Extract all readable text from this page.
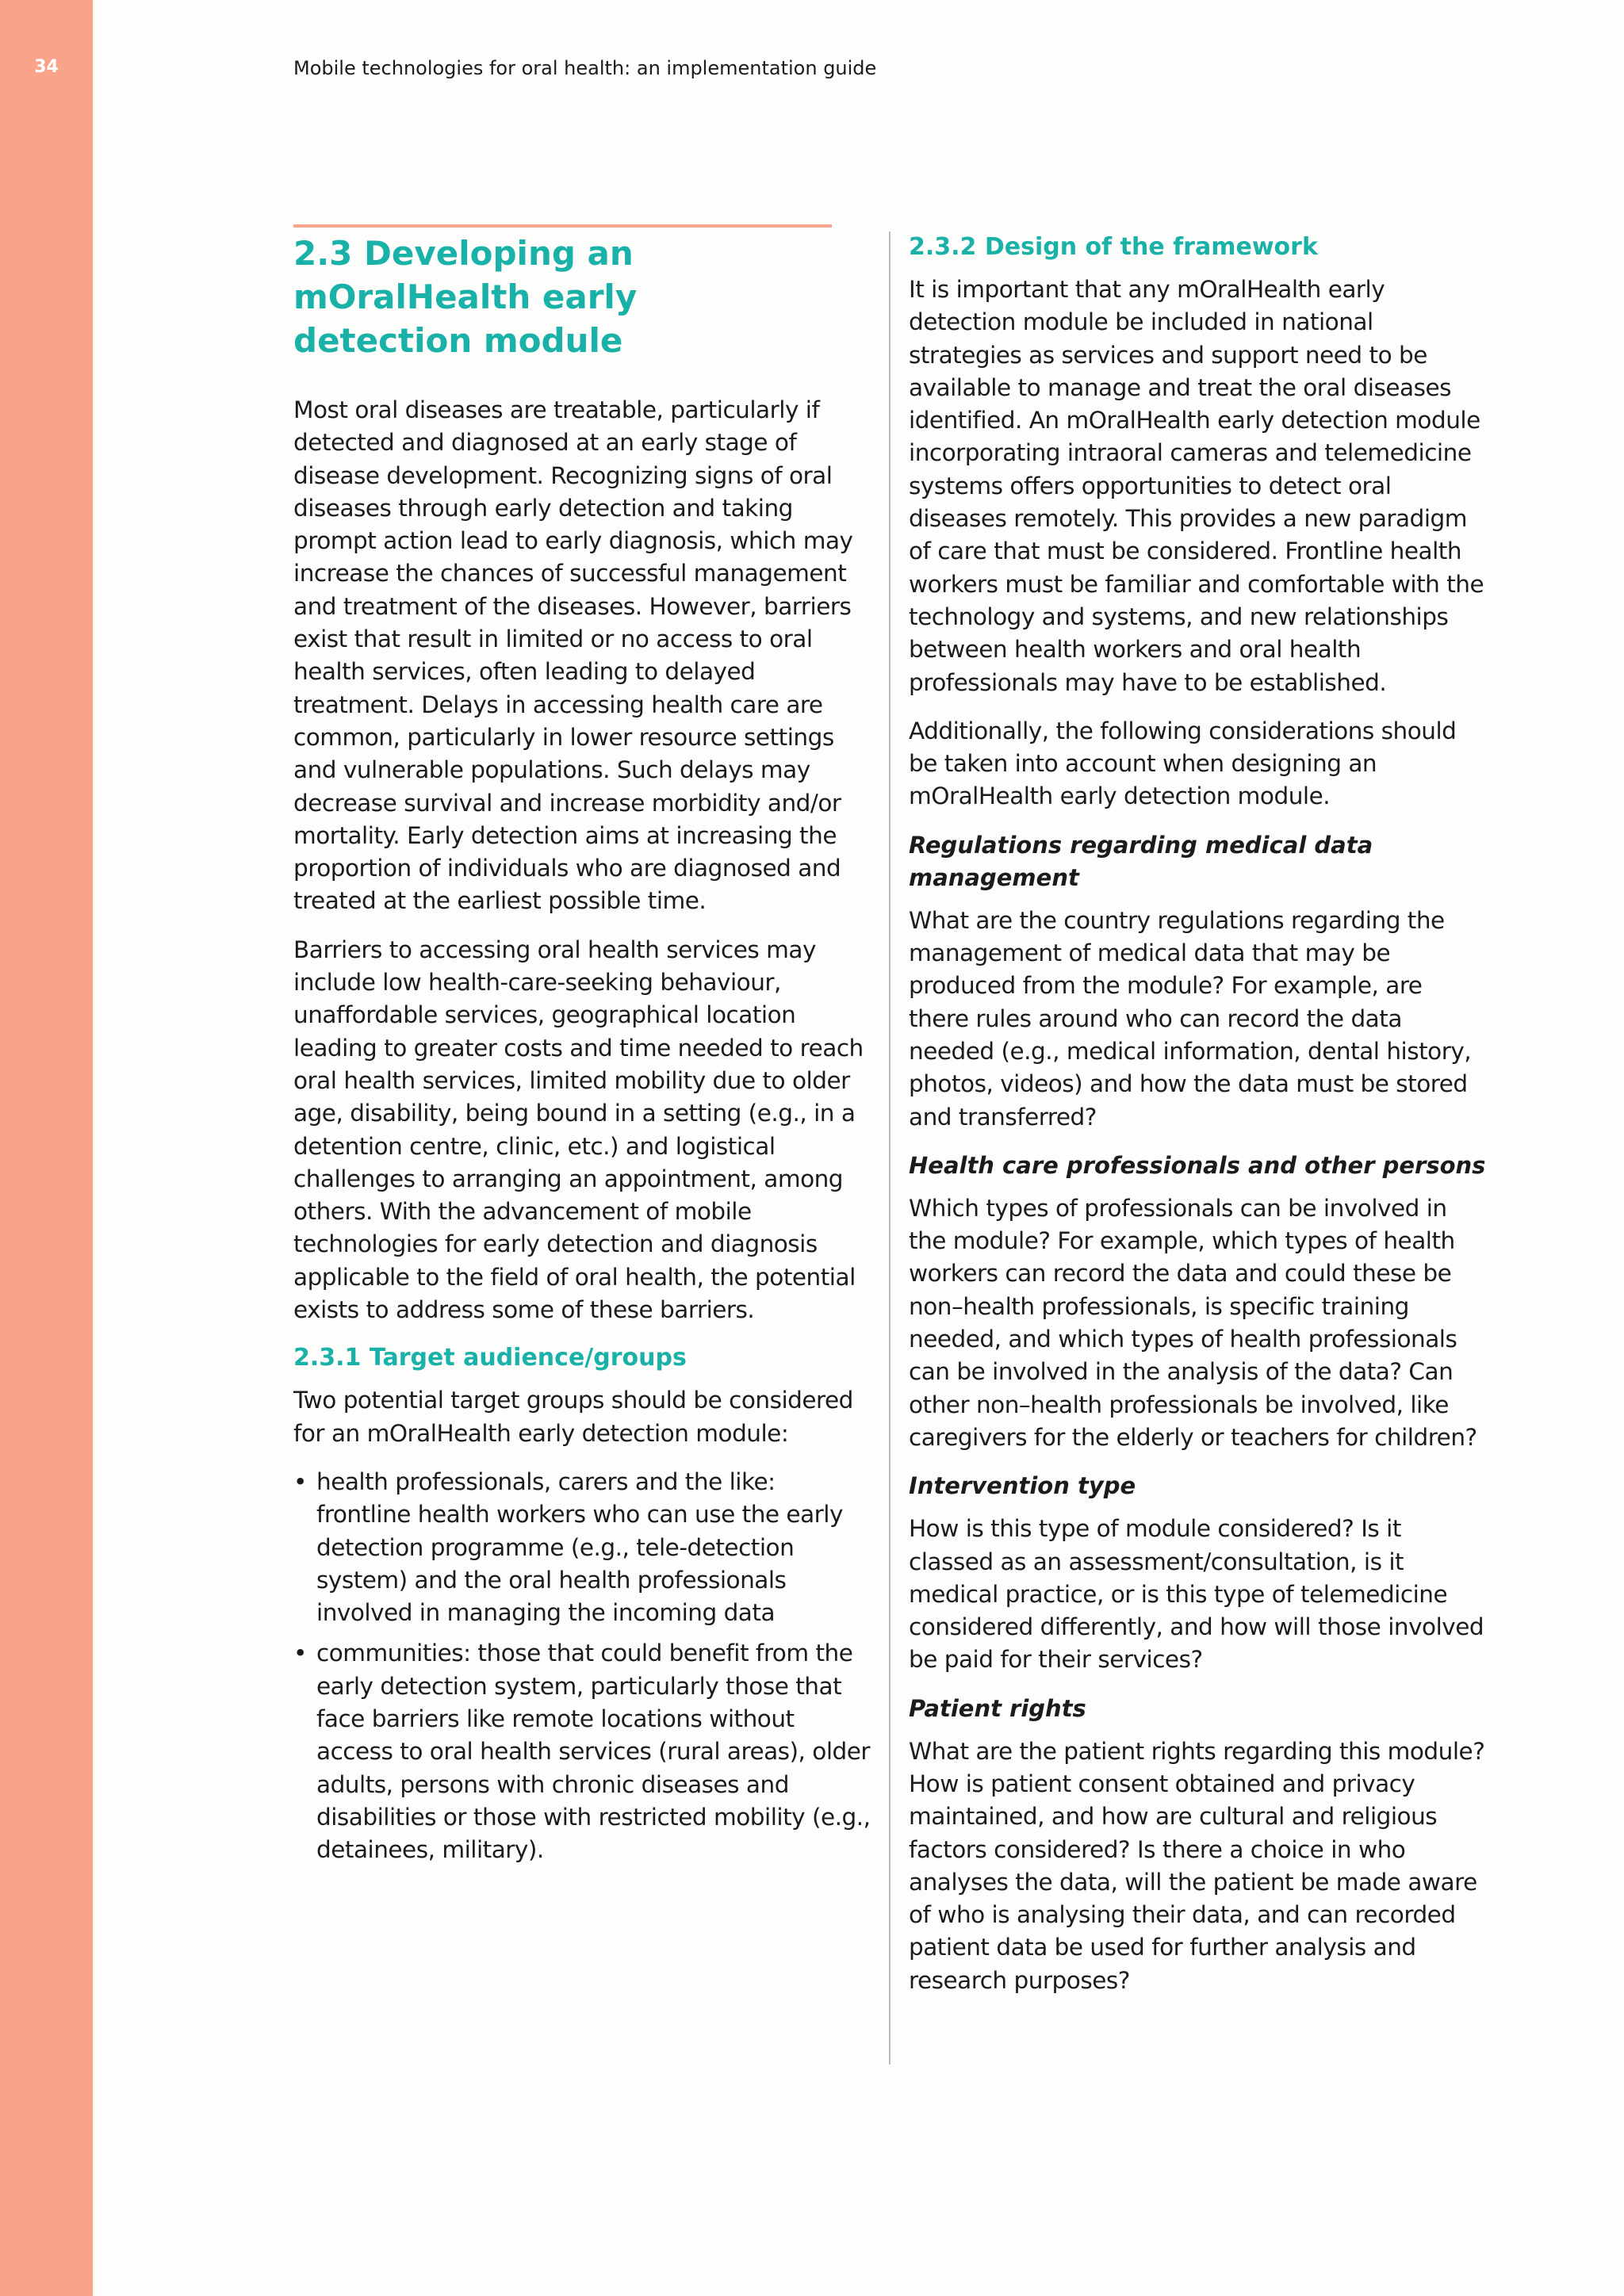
34	Mobile technologies for oral health: an implementation guide
2.3 Developing an mOralHealth early detection module

Most oral diseases are treatable, particularly if detected and diagnosed at an early stage of disease development. Recognizing signs of oral diseases through early detection and taking prompt action lead to early diagnosis, which may increase the chances of successful management and treatment of the diseases. However, barriers exist that result in limited or no access to oral health services, often leading to delayed treatment. Delays in accessing health care are common, particularly in lower resource settings and vulnerable populations. Such delays may decrease survival and increase morbidity and/or mortality. Early detection aims at increasing the proportion of individuals who are diagnosed and treated at the earliest possible time.

Barriers to accessing oral health services may include low health-care-seeking behaviour, unaffordable services, geographical location leading to greater costs and time needed to reach oral health services, limited mobility due to older age, disability, being bound in a setting (e.g., in a detention centre, clinic, etc.) and logistical challenges to arranging an appointment, among others. With the advancement of mobile technologies for early detection and diagnosis applicable to the field of oral health, the potential exists to address some of these barriers.

2.3.1 Target audience/groups

Two potential target groups should be considered for an mOralHealth early detection module:

• health professionals, carers and the like: frontline health workers who can use the early detection programme (e.g., tele-detection system) and the oral health professionals involved in managing the incoming data
• communities: those that could benefit from the early detection system, particularly those that face barriers like remote locations without access to oral health services (rural areas), older adults, persons with chronic diseases and disabilities or those with restricted mobility (e.g., detainees, military).
2.3.2 Design of the framework

It is important that any mOralHealth early detection module be included in national strategies as services and support need to be available to manage and treat the oral diseases identified. An mOralHealth early detection module incorporating intraoral cameras and telemedicine systems offers opportunities to detect oral diseases remotely. This provides a new paradigm of care that must be considered. Frontline health workers must be familiar and comfortable with the technology and systems, and new relationships between health workers and oral health professionals may have to be established.

Additionally, the following considerations should be taken into account when designing an mOralHealth early detection module.

Regulations regarding medical data management

What are the country regulations regarding the management of medical data that may be produced from the module? For example, are there rules around who can record the data needed (e.g., medical information, dental history, photos, videos) and how the data must be stored and transferred?

Health care professionals and other persons

Which types of professionals can be involved in the module? For example, which types of health workers can record the data and could these be non–health professionals, is specific training needed, and which types of health professionals can be involved in the analysis of the data? Can other non–health professionals be involved, like caregivers for the elderly or teachers for children?

Intervention type

How is this type of module considered? Is it classed as an assessment/consultation, is it medical practice, or is this type of telemedicine considered differently, and how will those involved be paid for their services?

Patient rights

What are the patient rights regarding this module? How is patient consent obtained and privacy maintained, and how are cultural and religious factors considered? Is there a choice in who analyses the data, will the patient be made aware of who is analysing their data, and can recorded patient data be used for further analysis and research purposes?
